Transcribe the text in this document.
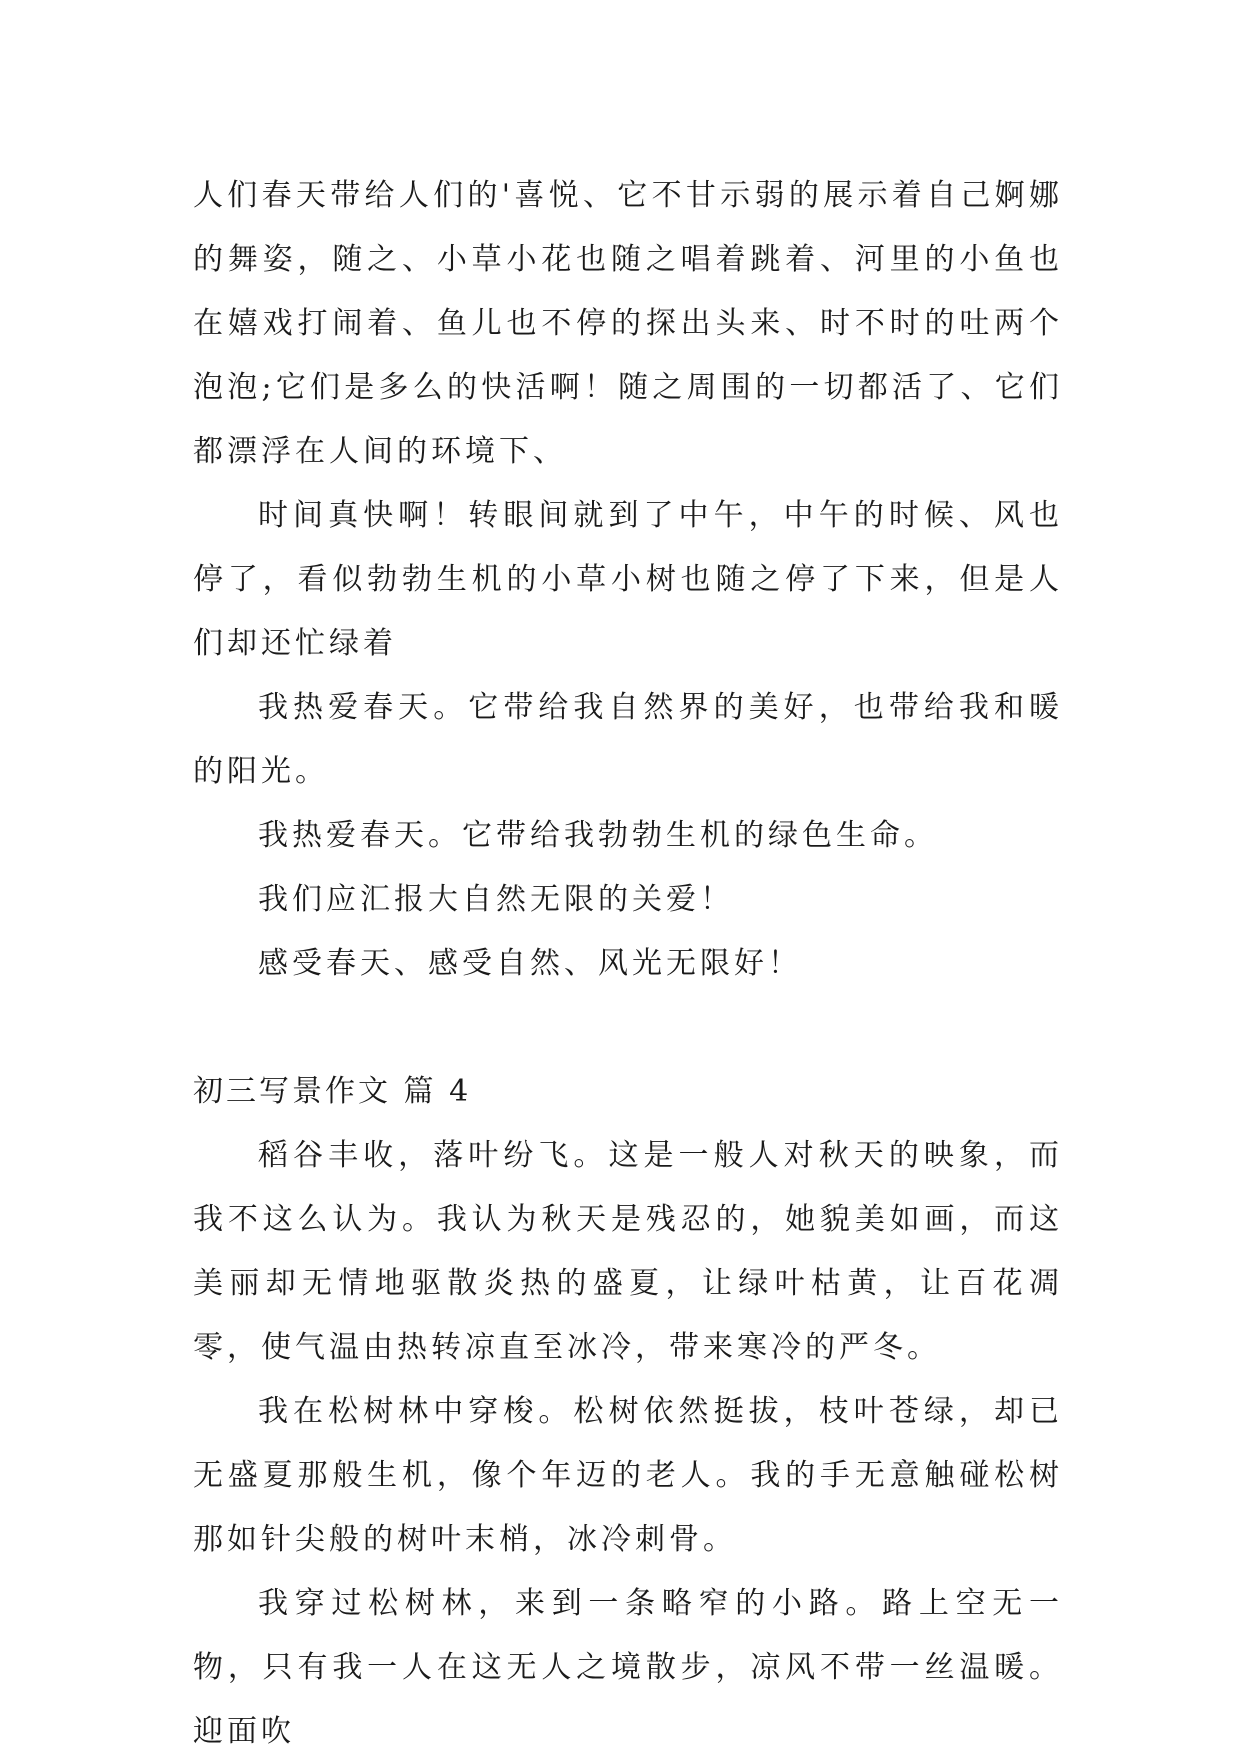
人们春天带给人们的'喜悦、它不甘示弱的展示着自己婀娜的舞姿，随之、小草小花也随之唱着跳着、河里的小鱼也在嬉戏打闹着、鱼儿也不停的探出头来、时不时的吐两个泡泡;它们是多么的快活啊！随之周围的一切都活了、它们都漂浮在人间的环境下、

时间真快啊！转眼间就到了中午，中午的时候、风也停了，看似勃勃生机的小草小树也随之停了下来，但是人们却还忙绿着

我热爱春天。它带给我自然界的美好，也带给我和暖的阳光。

我热爱春天。它带给我勃勃生机的绿色生命。

我们应汇报大自然无限的关爱！

感受春天、感受自然、风光无限好！

初三写景作文 篇 4

稻谷丰收，落叶纷飞。这是一般人对秋天的映象，而我不这么认为。我认为秋天是残忍的，她貌美如画，而这美丽却无情地驱散炎热的盛夏，让绿叶枯黄，让百花凋零，使气温由热转凉直至冰冷，带来寒冷的严冬。

我在松树林中穿梭。松树依然挺拔，枝叶苍绿，却已无盛夏那般生机，像个年迈的老人。我的手无意触碰松树那如针尖般的树叶末梢，冰冷刺骨。

我穿过松树林，来到一条略窄的小路。路上空无一物，只有我一人在这无人之境散步，凉风不带一丝温暖。迎面吹
